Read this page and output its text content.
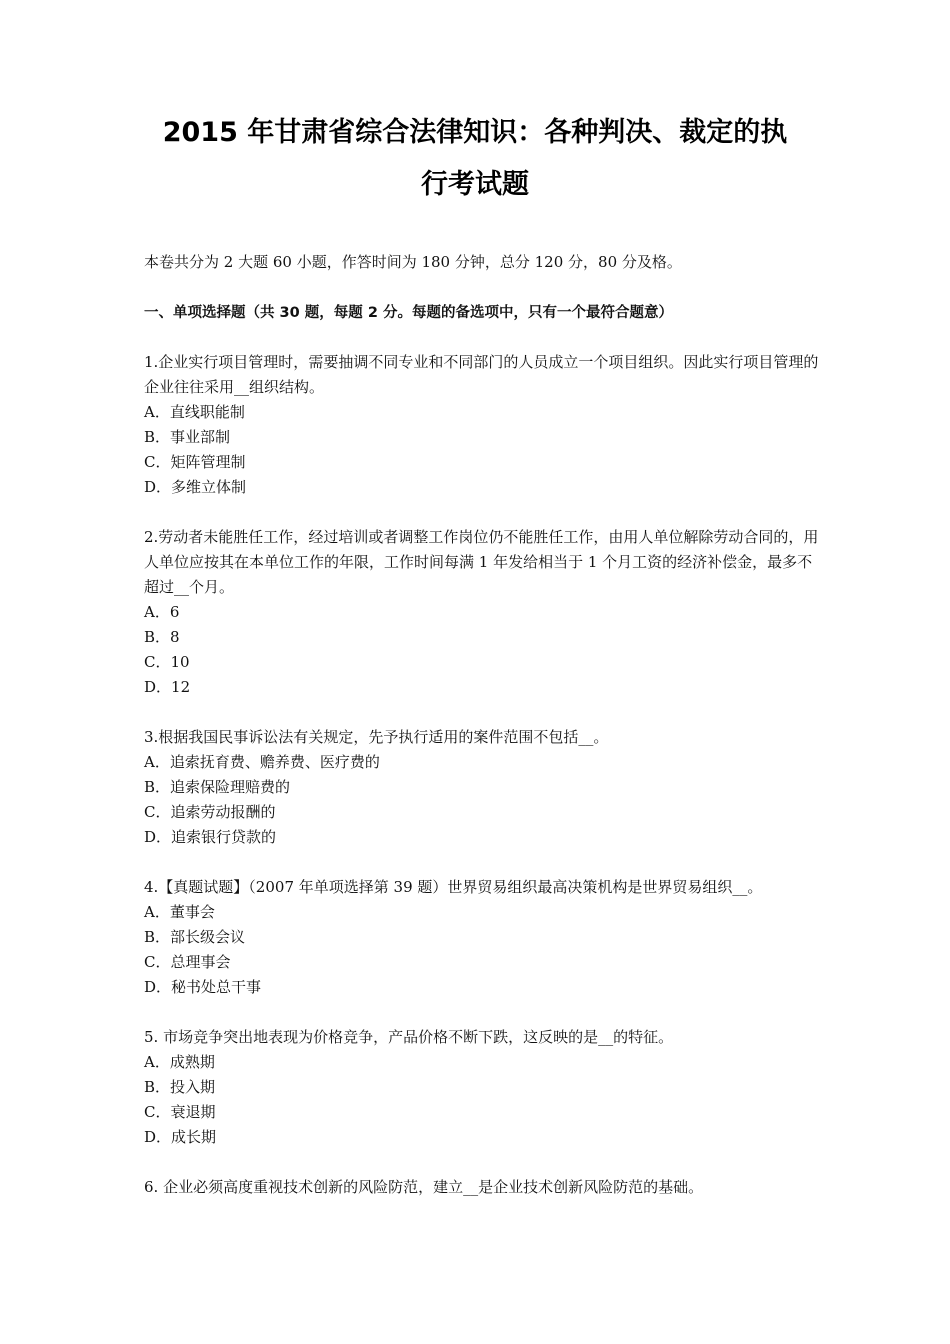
2015 年甘肃省综合法律知识：各种判决、裁定的执
行考试题

本卷共分为 2 大题 60 小题，作答时间为 180 分钟，总分 120 分，80 分及格。

一、单项选择题（共 30 题，每题 2 分。每题的备选项中，只有一个最符合题意）

1.企业实行项目管理时，需要抽调不同专业和不同部门的人员成立一个项目组织。因此实行项目管理的企业往往采用__组织结构。

A．直线职能制

B．事业部制

C．矩阵管理制

D．多维立体制

2.劳动者未能胜任工作，经过培训或者调整工作岗位仍不能胜任工作，由用人单位解除劳动合同的，用人单位应按其在本单位工作的年限，工作时间每满 1 年发给相当于 1 个月工资的经济补偿金，最多不超过__个月。

A．6

B．8

C．10

D．12

3.根据我国民事诉讼法有关规定，先予执行适用的案件范围不包括__。

A．追索抚育费、赡养费、医疗费的

B．追索保险理赔费的

C．追索劳动报酬的

D．追索银行贷款的

4.【真题试题】（2007 年单项选择第 39 题）世界贸易组织最高决策机构是世界贸易组织__。

A．董事会

B．部长级会议

C．总理事会

D．秘书处总干事

5. 市场竞争突出地表现为价格竞争，产品价格不断下跌，这反映的是__的特征。

A．成熟期

B．投入期

C．衰退期

D．成长期

6. 企业必须高度重视技术创新的风险防范，建立__是企业技术创新风险防范的基础。
